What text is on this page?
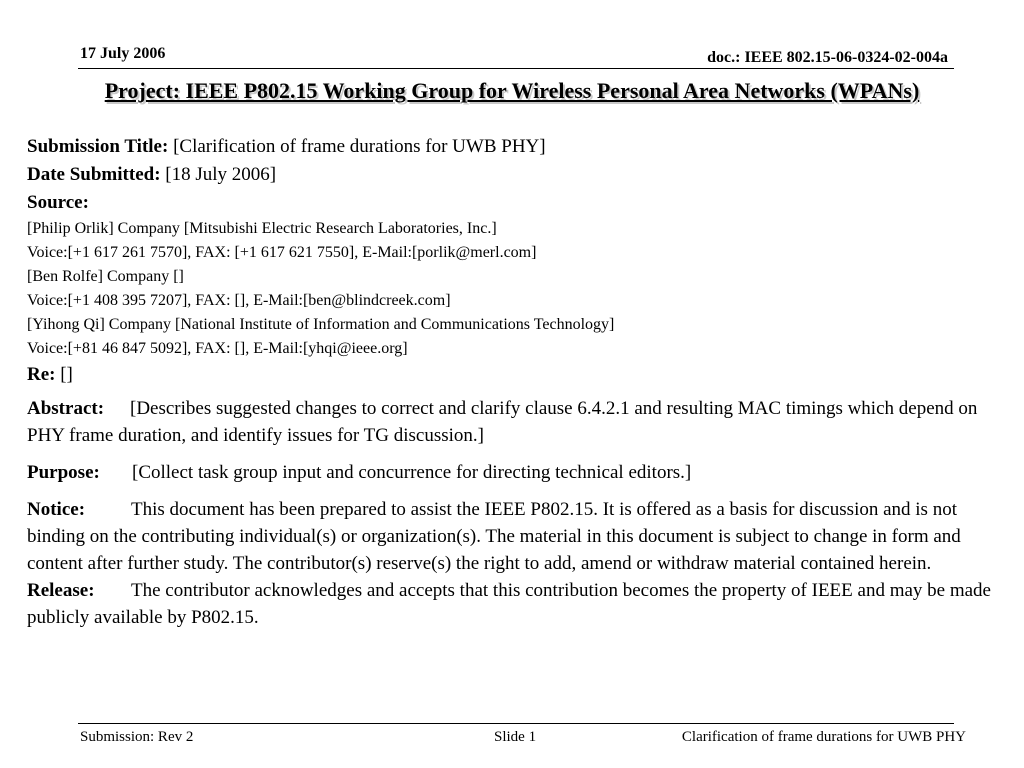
17 July 2006	doc.: IEEE 802.15-06-0324-02-004a
Project: IEEE P802.15 Working Group for Wireless Personal Area Networks (WPANs)
Submission Title: [Clarification of frame durations for UWB PHY]
Date Submitted: [18 July 2006]
Source:
[Philip Orlik] Company [Mitsubishi Electric Research Laboratories, Inc.]
Voice:[+1 617 261 7570], FAX: [+1 617 621 7550], E-Mail:[porlik@merl.com]
[Ben Rolfe] Company []
Voice:[+1 408 395 7207], FAX: [], E-Mail:[ben@blindcreek.com]
[Yihong Qi] Company [National Institute of Information and Communications Technology]
Voice:[+81 46 847 5092], FAX: [], E-Mail:[yhqi@ieee.org]
Re: []
Abstract: [Describes suggested changes to correct and clarify clause 6.4.2.1 and resulting MAC timings which depend on PHY frame duration, and identify issues for TG discussion.]
Purpose: [Collect task group input and concurrence for directing technical editors.]
Notice: This document has been prepared to assist the IEEE P802.15. It is offered as a basis for discussion and is not binding on the contributing individual(s) or organization(s). The material in this document is subject to change in form and content after further study. The contributor(s) reserve(s) the right to add, amend or withdraw material contained herein.
Release: The contributor acknowledges and accepts that this contribution becomes the property of IEEE and may be made publicly available by P802.15.
Submission: Rev 2	Slide 1	Clarification of frame durations for UWB PHY
